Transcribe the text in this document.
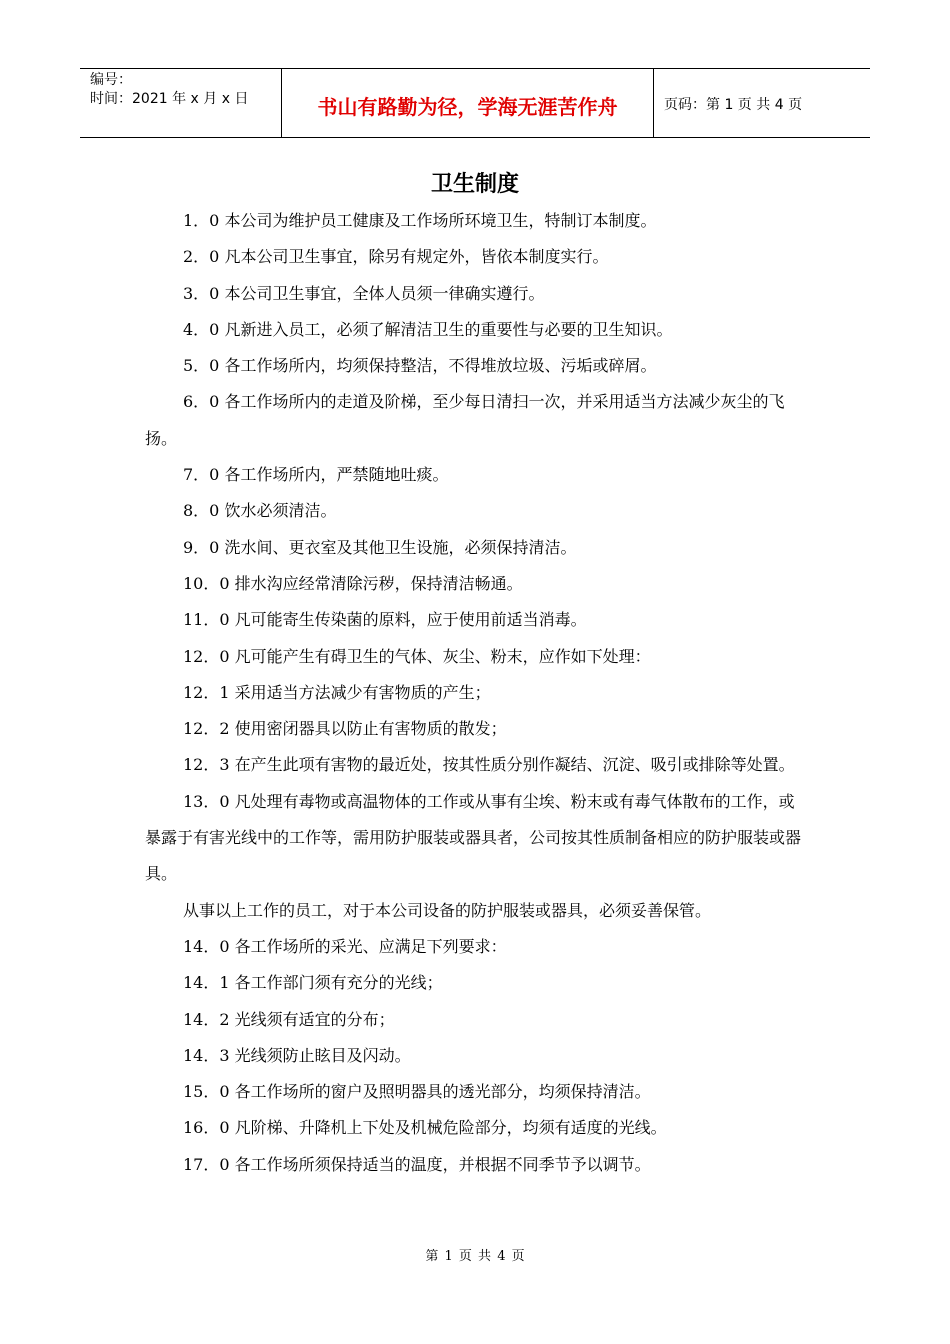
编号：
时间：2021 年 x 月 x 日	书山有路勤为径，学海无涯苦作舟	页码：第 1 页 共 4 页
卫生制度

1．0 本公司为维护员工健康及工作场所环境卫生，特制订本制度。

2．0 凡本公司卫生事宜，除另有规定外，皆依本制度实行。

3．0 本公司卫生事宜，全体人员须一律确实遵行。

4．0 凡新进入员工，必须了解清洁卫生的重要性与必要的卫生知识。

5．0 各工作场所内，均须保持整洁，不得堆放垃圾、污垢或碎屑。

6．0 各工作场所内的走道及阶梯，至少每日清扫一次，并采用适当方法减少灰尘的飞扬。

7．0 各工作场所内，严禁随地吐痰。

8．0 饮水必须清洁。

9．0 洗水间、更衣室及其他卫生设施，必须保持清洁。

10．0 排水沟应经常清除污秽，保持清洁畅通。

11．0 凡可能寄生传染菌的原料，应于使用前适当消毒。

12．0 凡可能产生有碍卫生的气体、灰尘、粉末，应作如下处理：

12．1 采用适当方法减少有害物质的产生；

12．2 使用密闭器具以防止有害物质的散发；

12．3 在产生此项有害物的最近处，按其性质分别作凝结、沉淀、吸引或排除等处置。

13．0 凡处理有毒物或高温物体的工作或从事有尘埃、粉末或有毒气体散布的工作，或暴露于有害光线中的工作等，需用防护服装或器具者，公司按其性质制备相应的防护服装或器具。

从事以上工作的员工，对于本公司设备的防护服装或器具，必须妥善保管。

14．0 各工作场所的采光、应满足下列要求：

14．1 各工作部门须有充分的光线；

14．2 光线须有适宜的分布；

14．3 光线须防止眩目及闪动。

15．0 各工作场所的窗户及照明器具的透光部分，均须保持清洁。

16．0 凡阶梯、升降机上下处及机械危险部分，均须有适度的光线。

17．0 各工作场所须保持适当的温度，并根据不同季节予以调节。

第 1 页 共 4 页
